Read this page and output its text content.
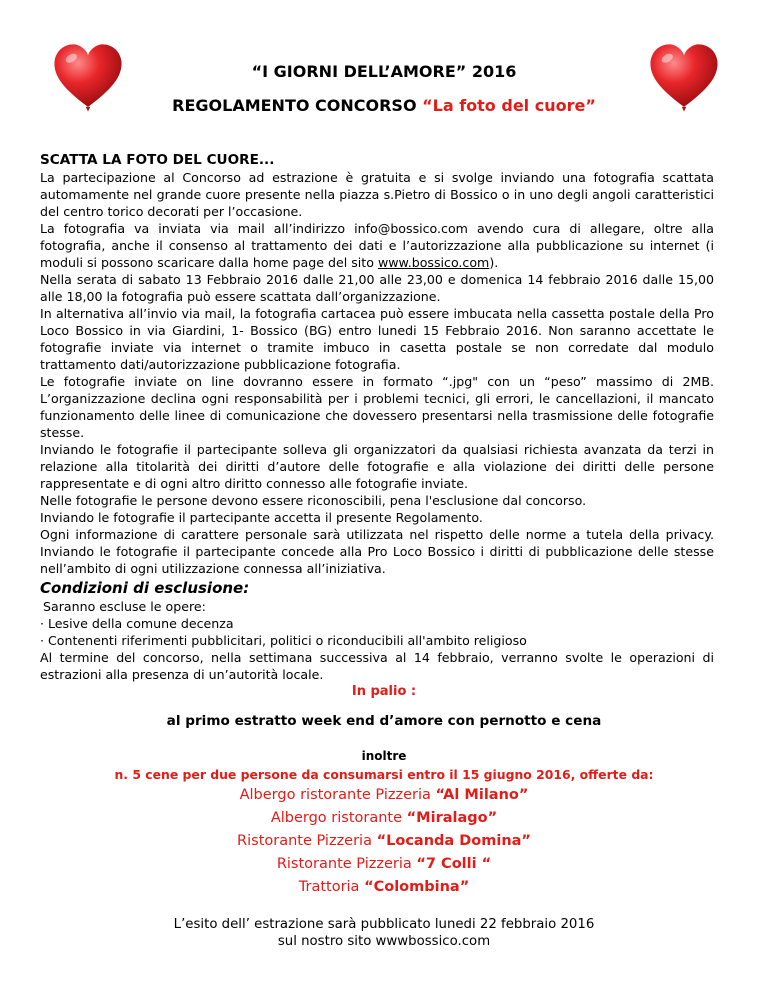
“I GIORNI DELL’AMORE” 2016
REGOLAMENTO CONCORSO “La foto del cuore”

SCATTA LA FOTO DEL CUORE...

La partecipazione al Concorso ad estrazione è gratuita e si svolge inviando una fotografia scattata automamente nel grande cuore presente nella piazza s.Pietro di Bossico o in uno degli angoli caratteristici del centro torico decorati per l’occasione.

La fotografia va inviata via mail all’indirizzo info@bossico.com avendo cura di allegare, oltre alla fotografia, anche il consenso al trattamento dei dati e l’autorizzazione alla pubblicazione su internet (i moduli si possono scaricare dalla home page del sito www.bossico.com).

Nella serata di sabato 13 Febbraio 2016 dalle 21,00 alle 23,00 e domenica 14 febbraio 2016 dalle 15,00 alle 18,00 la fotografia può essere scattata dall’organizzazione.

In alternativa all’invio via mail, la fotografia cartacea può essere imbucata nella cassetta postale della Pro Loco Bossico in via Giardini, 1- Bossico (BG) entro lunedi 15 Febbraio 2016. Non saranno accettate le fotografie inviate via internet o tramite imbuco in casetta postale se non corredate dal modulo trattamento dati/autorizzazione pubblicazione fotografia.

Le fotografie inviate on line dovranno essere in formato “.jpg" con un “peso” massimo di 2MB. L’organizzazione declina ogni responsabilità per i problemi tecnici, gli errori, le cancellazioni, il mancato funzionamento delle linee di comunicazione che dovessero presentarsi nella trasmissione delle fotografie stesse.

Inviando le fotografie il partecipante solleva gli organizzatori da qualsiasi richiesta avanzata da terzi in relazione alla titolarità dei diritti d’autore delle fotografie e alla violazione dei diritti delle persone rappresentate e di ogni altro diritto connesso alle fotografie inviate.

Nelle fotografie le persone devono essere riconoscibili, pena l'esclusione dal concorso.

Inviando le fotografie il partecipante accetta il presente Regolamento.

Ogni informazione di carattere personale sarà utilizzata nel rispetto delle norme a tutela della privacy. Inviando le fotografie il partecipante concede alla Pro Loco Bossico i diritti di pubblicazione delle stesse nell’ambito di ogni utilizzazione connessa all’iniziativa.

Condizioni di esclusione:

Saranno escluse le opere:

· Lesive della comune decenza

· Contenenti riferimenti pubblicitari, politici o riconducibili all'ambito religioso

Al termine del concorso, nella settimana successiva al 14 febbraio, verranno svolte le operazioni di estrazioni alla presenza di un’autorità locale.

In palio :
al primo estratto week end d’amore con pernotto e cena
inoltre
n. 5 cene per due persone da consumarsi entro il 15 giugno 2016, offerte da:
Albergo ristorante Pizzeria “Al Milano”
Albergo ristorante “Miralago”
Ristorante Pizzeria “Locanda Domina”
Ristorante Pizzeria “7 Colli “
Trattoria “Colombina”
L’esito dell’ estrazione sarà pubblicato lunedi 22 febbraio 2016
sul nostro sito wwwbossico.com
